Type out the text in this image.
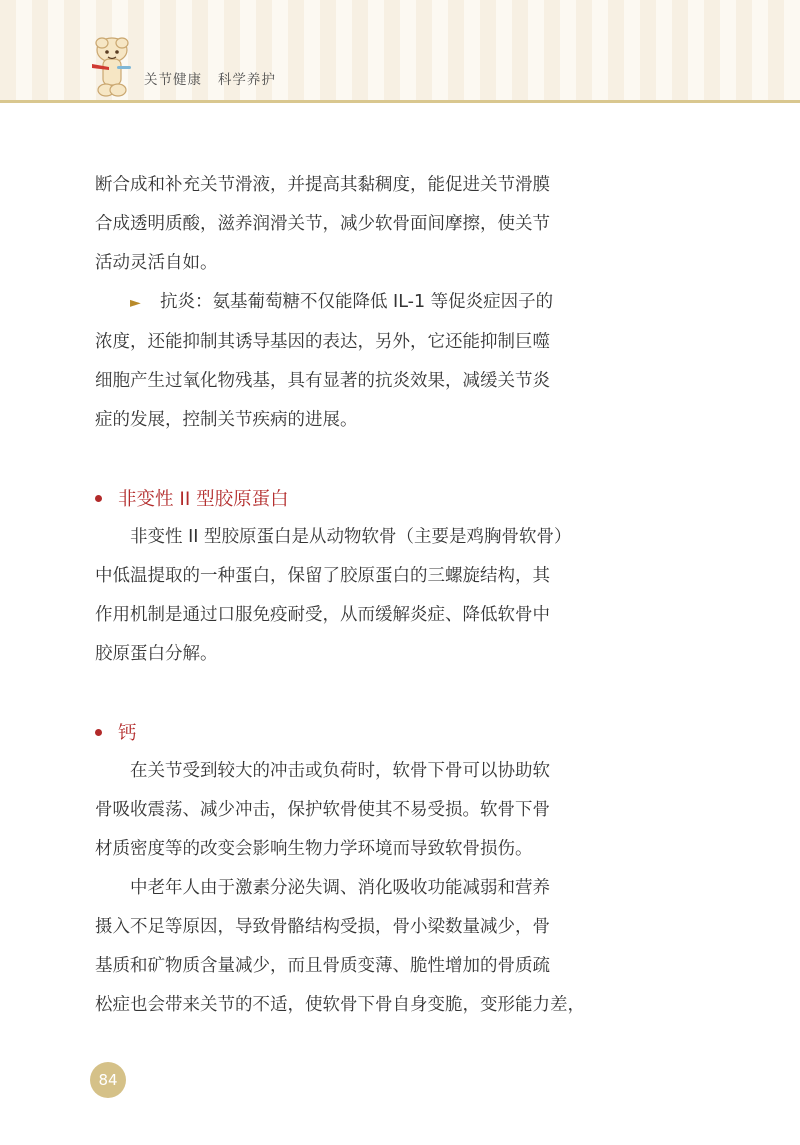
关节健康   科学养护
断合成和补充关节滑液，并提高其黏稠度，能促进关节滑膜
合成透明质酸，滋养润滑关节，减少软骨面间摩擦，使关节
活动灵活自如。
► 抗炎：氨基葡萄糖不仅能降低 IL-1 等促炎症因子的
浓度，还能抑制其诱导基因的表达，另外，它还能抑制巨噬
细胞产生过氧化物残基，具有显著的抗炎效果，减缓关节炎
症的发展，控制关节疾病的进展。
非变性 II 型胶原蛋白
非变性 II 型胶原蛋白是从动物软骨（主要是鸡胸骨软骨）
中低温提取的一种蛋白，保留了胶原蛋白的三螺旋结构，其
作用机制是通过口服免疫耐受，从而缓解炎症、降低软骨中
胶原蛋白分解。
钙
在关节受到较大的冲击或负荷时，软骨下骨可以协助软
骨吸收震荡、减少冲击，保护软骨使其不易受损。软骨下骨
材质密度等的改变会影响生物力学环境而导致软骨损伤。
中老年人由于激素分泌失调、消化吸收功能减弱和营养
摄入不足等原因，导致骨骼结构受损，骨小梁数量减少，骨
基质和矿物质含量减少，而且骨质变薄、脆性增加的骨质疏
松症也会带来关节的不适，使软骨下骨自身变脆，变形能力差，
84
